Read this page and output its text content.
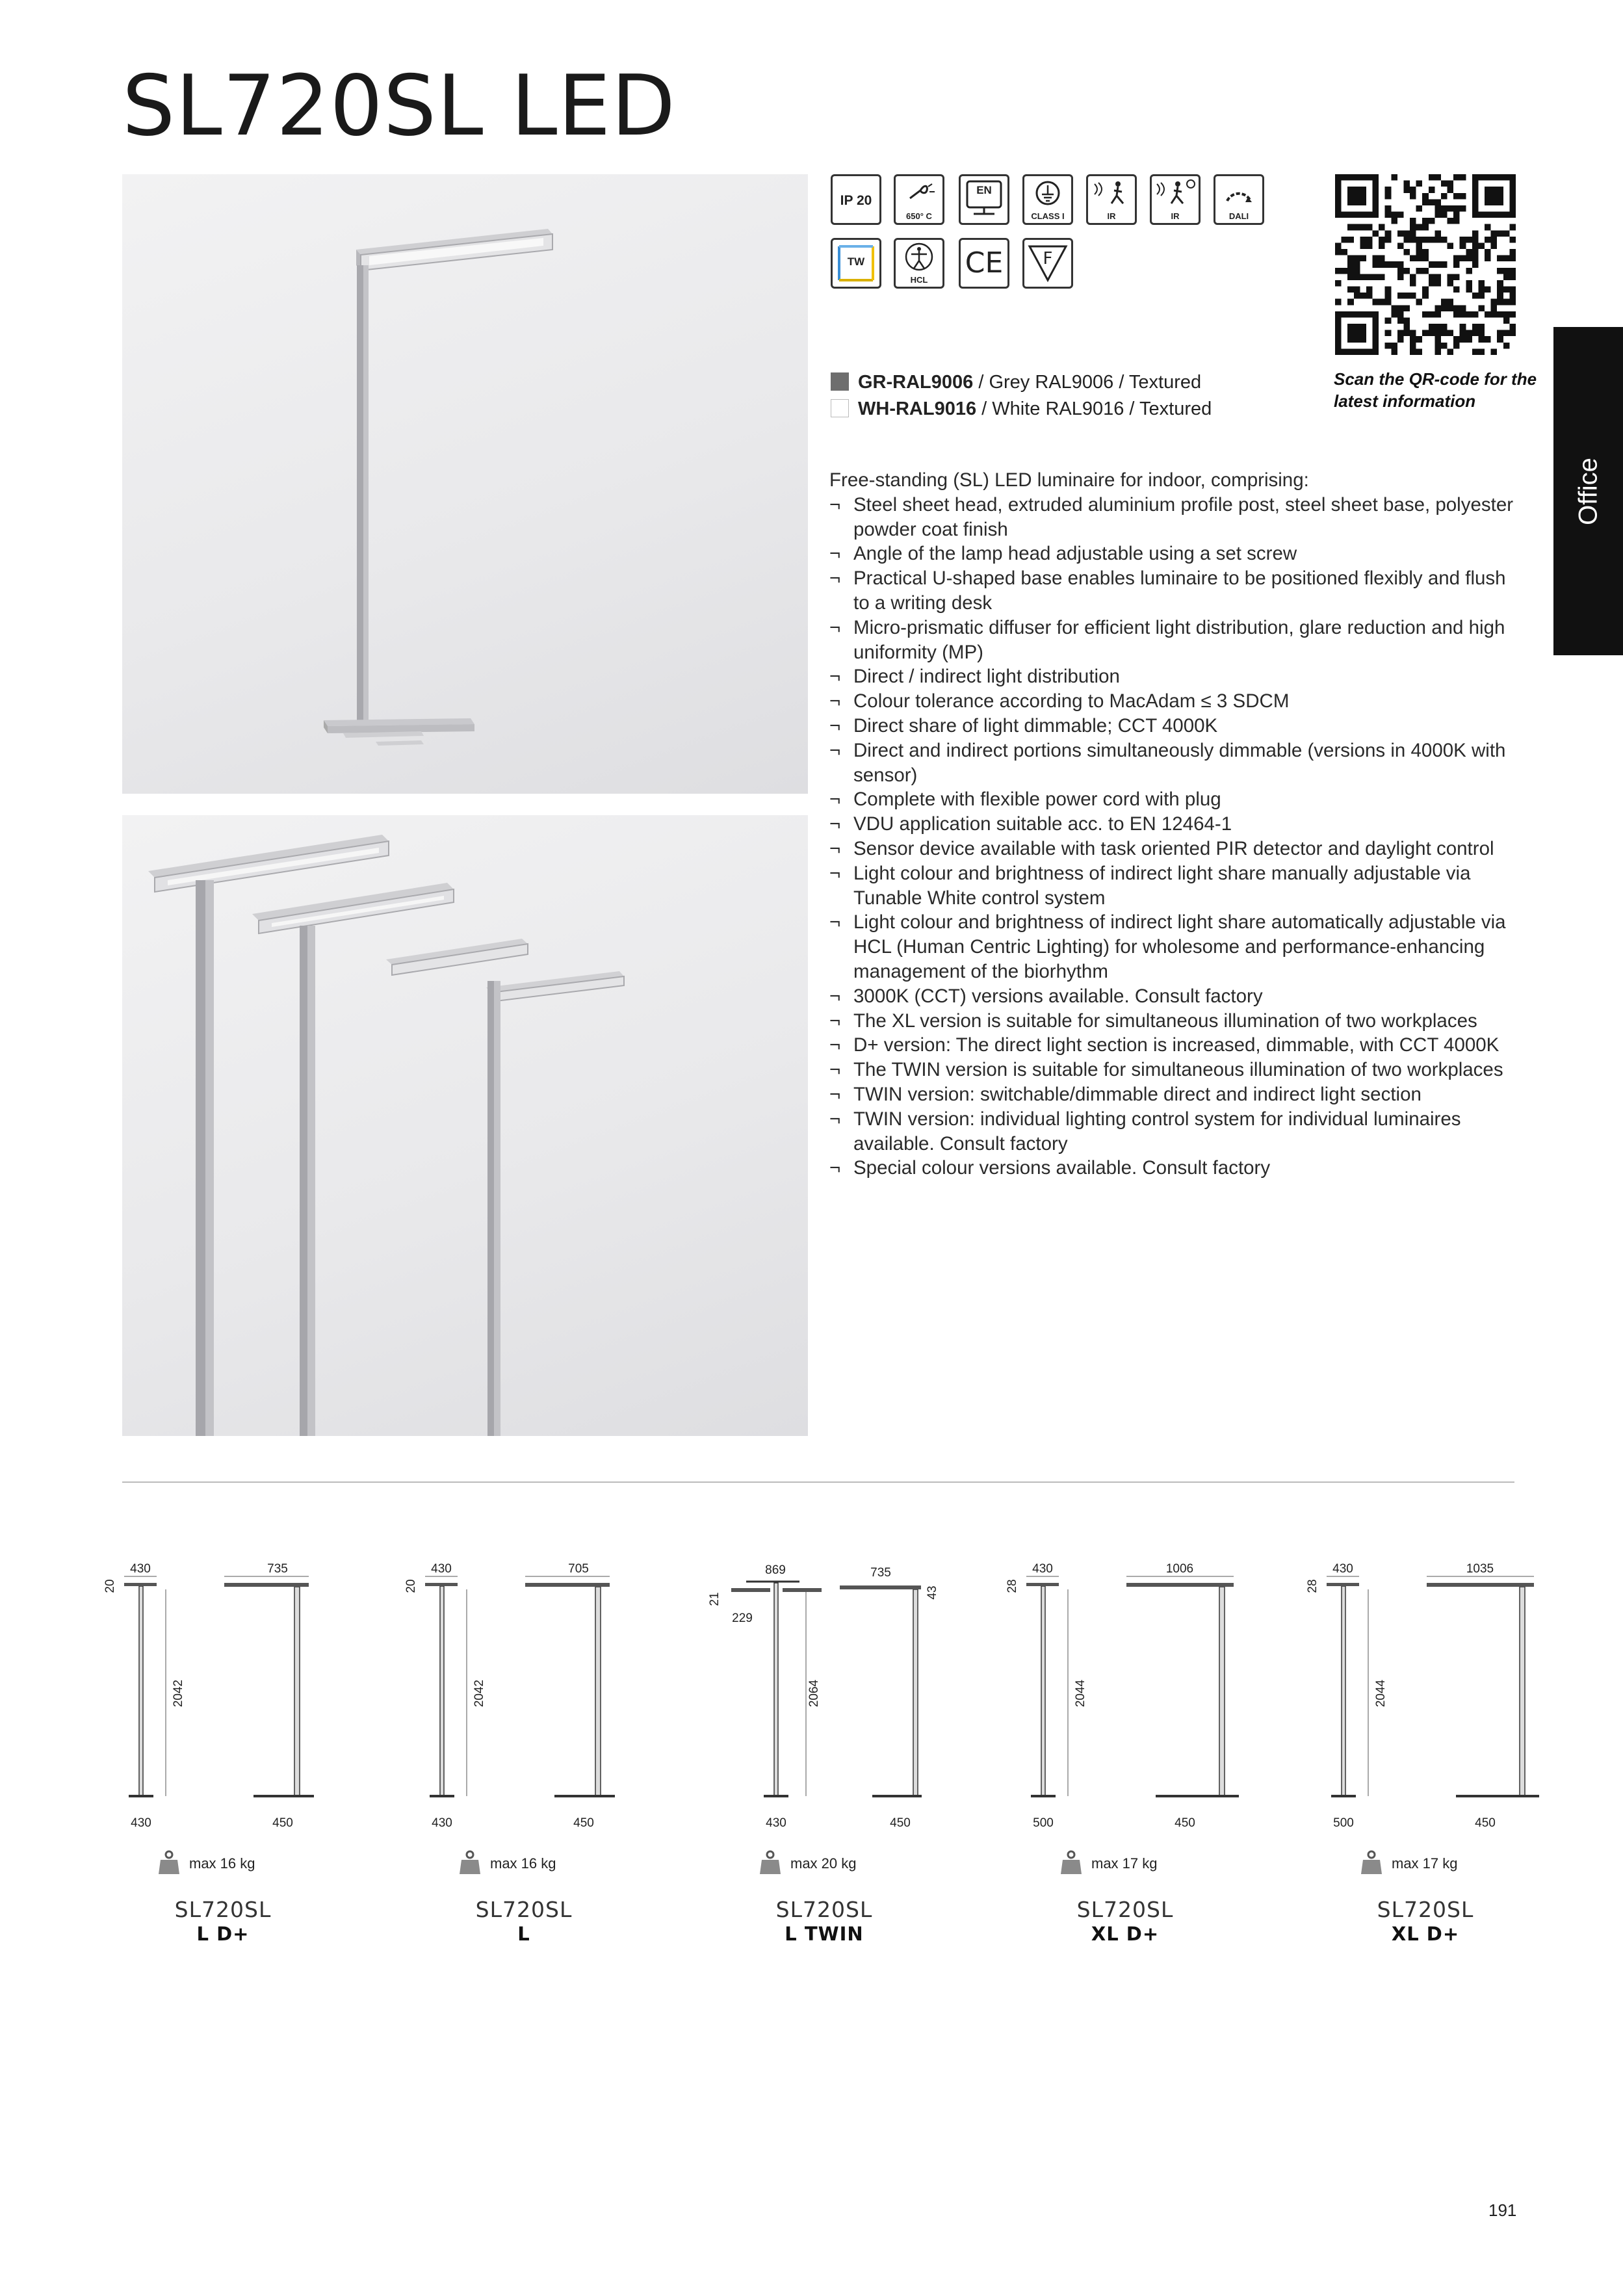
SL720SL LED
IP 20
650° C
EN
CLASS I	IR	IR	DALI
TW
HCL
CE	F
Scan the QR-code for the latest information
GR-RAL9006 / Grey RAL9006 / Textured
WH-RAL9016 / White RAL9016 / Textured
Office

Free-standing (SL) LED luminaire for indoor, comprising:

¬ Steel sheet head, extruded aluminium profile post, steel sheet base, polyester powder coat finish
¬ Angle of the lamp head adjustable using a set screw
¬ Practical U-shaped base enables luminaire to be positioned flexibly and flush to a writing desk
¬ Micro-prismatic diffuser for efficient light distribution, glare reduction and high uniformity (MP)
¬ Direct / indirect light distribution
¬ Colour tolerance according to MacAdam ≤ 3 SDCM
¬ Direct share of light dimmable; CCT 4000K
¬ Direct and indirect portions simultaneously dimmable (versions in 4000K with sensor)
¬ Complete with flexible power cord with plug
¬ VDU application suitable acc. to EN 12464-1
¬ Sensor device available with task oriented PIR detector and daylight control
¬ Light colour and brightness of indirect light share manually adjustable via Tunable White control system
¬ Light colour and brightness of indirect light share automatically adjustable via HCL (Human Centric Lighting) for wholesome and performance-enhancing management of the biorhythm
¬ 3000K (CCT) versions available. Consult factory
¬ The XL version is suitable for simultaneous illumination of two workplaces
¬ D+ version: The direct light section is increased, dimmable, with CCT 4000K
¬ The TWIN version is suitable for simultaneous illumination of two workplaces
¬ TWIN version: switchable/dimmable direct and indirect light section
¬ TWIN version: individual lighting control system for individual luminaires available. Consult factory
¬ Special colour versions available. Consult factory
430	735
20
2042
430	450
430	705
20
2042
430	450
869	735
21
229
43
2064
430	450
430	1006
28
2044
500	450
430	1035
28
2044
500	450
191
max 16 kg
SL720SL
L D+
max 16 kg
SL720SL
L
max 20 kg
SL720SL
L TWIN
max 17 kg
SL720SL
XL D+
max 17 kg
SL720SL
XL D+
